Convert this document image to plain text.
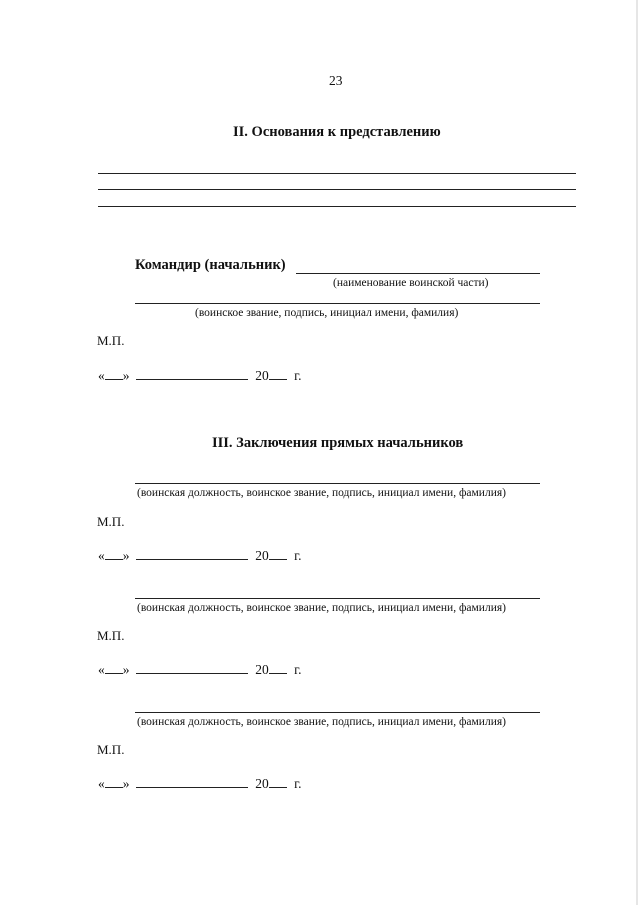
23
II. Основания к представлению
Командир (начальник)
(наименование воинской части)
(воинское звание, подпись, инициал имени, фамилия)
М.П.
« »	20 г.
III. Заключения прямых начальников
(воинская должность, воинское звание, подпись, инициал имени, фамилия)
М.П.
« »	20 г.
(воинская должность, воинское звание, подпись, инициал имени, фамилия)
М.П.
« »	20 г.
(воинская должность, воинское звание, подпись, инициал имени, фамилия)
М.П.
« »	20 г.
